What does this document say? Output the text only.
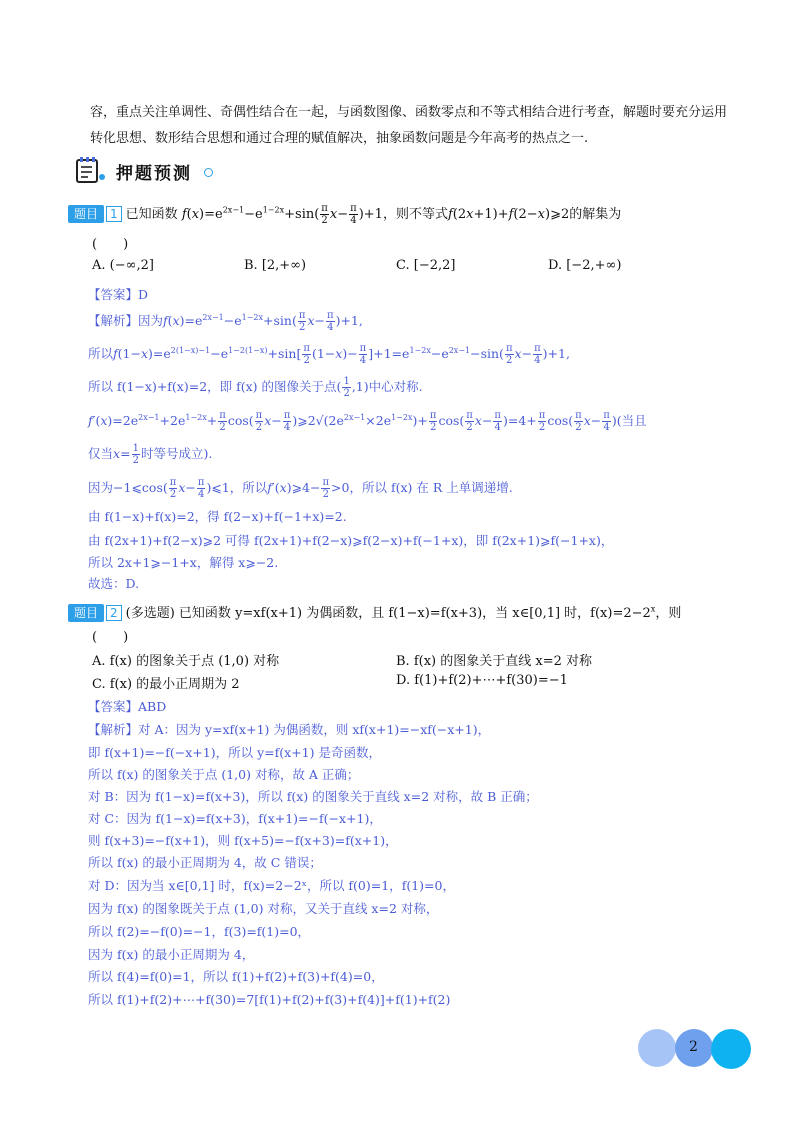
容，重点关注单调性、奇偶性结合在一起，与函数图像、函数零点和不等式相结合进行考查，解题时要充分运用
转化思想、数形结合思想和通过合理的赋值解决，抽象函数问题是今年高考的热点之一.
押题预测
题目 1 已知函数 $f(x)=e^{2x-1}-e^{1-2x}+\sin( \frac{\pi}{2} x- \frac{\pi}{4} )+1$，则不等式f(2x+1)+f(2−x)⩾2的解集为
(　　)
A. (−∞,2]	B. [2,+∞)	C. [−2,2]	D. [−2,+∞)
【答案】D
【解析】因为$f(x)=e^{2x-1}-e^{1-2x}+\sin( \frac{\pi}{2} x- \frac{\pi}{4} )+1$,
所以$f(1-x)=e^{2(1-x)-1}-e^{1-2(1-x)}+\sin[ \frac{\pi}{2} (1-x)- \frac{\pi}{4} ]+1=e^{1-2x}-e^{2x-1}-\sin( \frac{\pi}{2} x- \frac{\pi}{4} )+1$,
所以 f(1−x)+f(x)=2，即 f(x) 的图像关于点( $\frac{1}{2} ,1$)中心对称.
$f'(x)=2e^{2x-1}+2e^{1-2x}+ \frac{\pi}{2} \cos( \frac{\pi}{2} x- \frac{\pi}{4}$ )$⩾2√(2e^{2x-1}\times 2e^{1-2x})+ \frac{\pi}{2} \cos( \frac{\pi}{2} x- \frac{\pi}{4} )=4+ \frac{\pi}{2} \cos( \frac{\pi}{2} x- \frac{\pi}{4}$ )(当且
仅当$x= \frac{1}{2}$ 时等号成立).
因为−1⩽cos( $\frac{\pi}{2} x- \frac{\pi}{4}$ )⩽1，所以f′(x)⩾4− $\frac{\pi}{2} >0$，所以 f(x) 在 R 上单调递增.
由 f(1−x)+f(x)=2，得 f(2−x)+f(−1+x)=2.
由 f(2x+1)+f(2−x)⩾2 可得 f(2x+1)+f(2−x)⩾f(2−x)+f(−1+x)，即 f(2x+1)⩾f(−1+x)，
所以 2x+1⩾−1+x，解得 x⩾−2.
故选：D.
题目 2 (多选题) 已知函数 y=xf(x+1) 为偶函数，且 f(1−x)=f(x+3)，当 x∈[0,1] 时，$f(x)=2-2^x$，则
(　　)
A. f(x) 的图象关于点 (1,0) 对称	B. f(x) 的图象关于直线 x=2 对称
C. f(x) 的最小正周期为 2	D. f(1)+f(2)+⋯+f(30)=−1
【答案】ABD
【解析】对 A：因为 y=xf(x+1) 为偶函数，则 xf(x+1)=−xf(−x+1)，
即 f(x+1)=−f(−x+1)，所以 y=f(x+1) 是奇函数，
所以 f(x) 的图象关于点 (1,0) 对称，故 A 正确；
对 B：因为 f(1−x)=f(x+3)，所以 f(x) 的图象关于直线 x=2 对称，故 B 正确；
对 C：因为 f(1−x)=f(x+3)，f(x+1)=−f(−x+1)，
则 f(x+3)=−f(x+1)，则 f(x+5)=−f(x+3)=f(x+1)，
所以 f(x) 的最小正周期为 4，故 C 错误；
对 D：因为当 x∈[0,1] 时，f(x)=2−2ˣ，所以 f(0)=1，f(1)=0，
因为 f(x) 的图象既关于点 (1,0) 对称，又关于直线 x=2 对称，
所以 f(2)=−f(0)=−1，f(3)=f(1)=0，
因为 f(x) 的最小正周期为 4，
所以 f(4)=f(0)=1，所以 f(1)+f(2)+f(3)+f(4)=0，
所以 f(1)+f(2)+⋯+f(30)=7[f(1)+f(2)+f(3)+f(4)]+f(1)+f(2)
2
